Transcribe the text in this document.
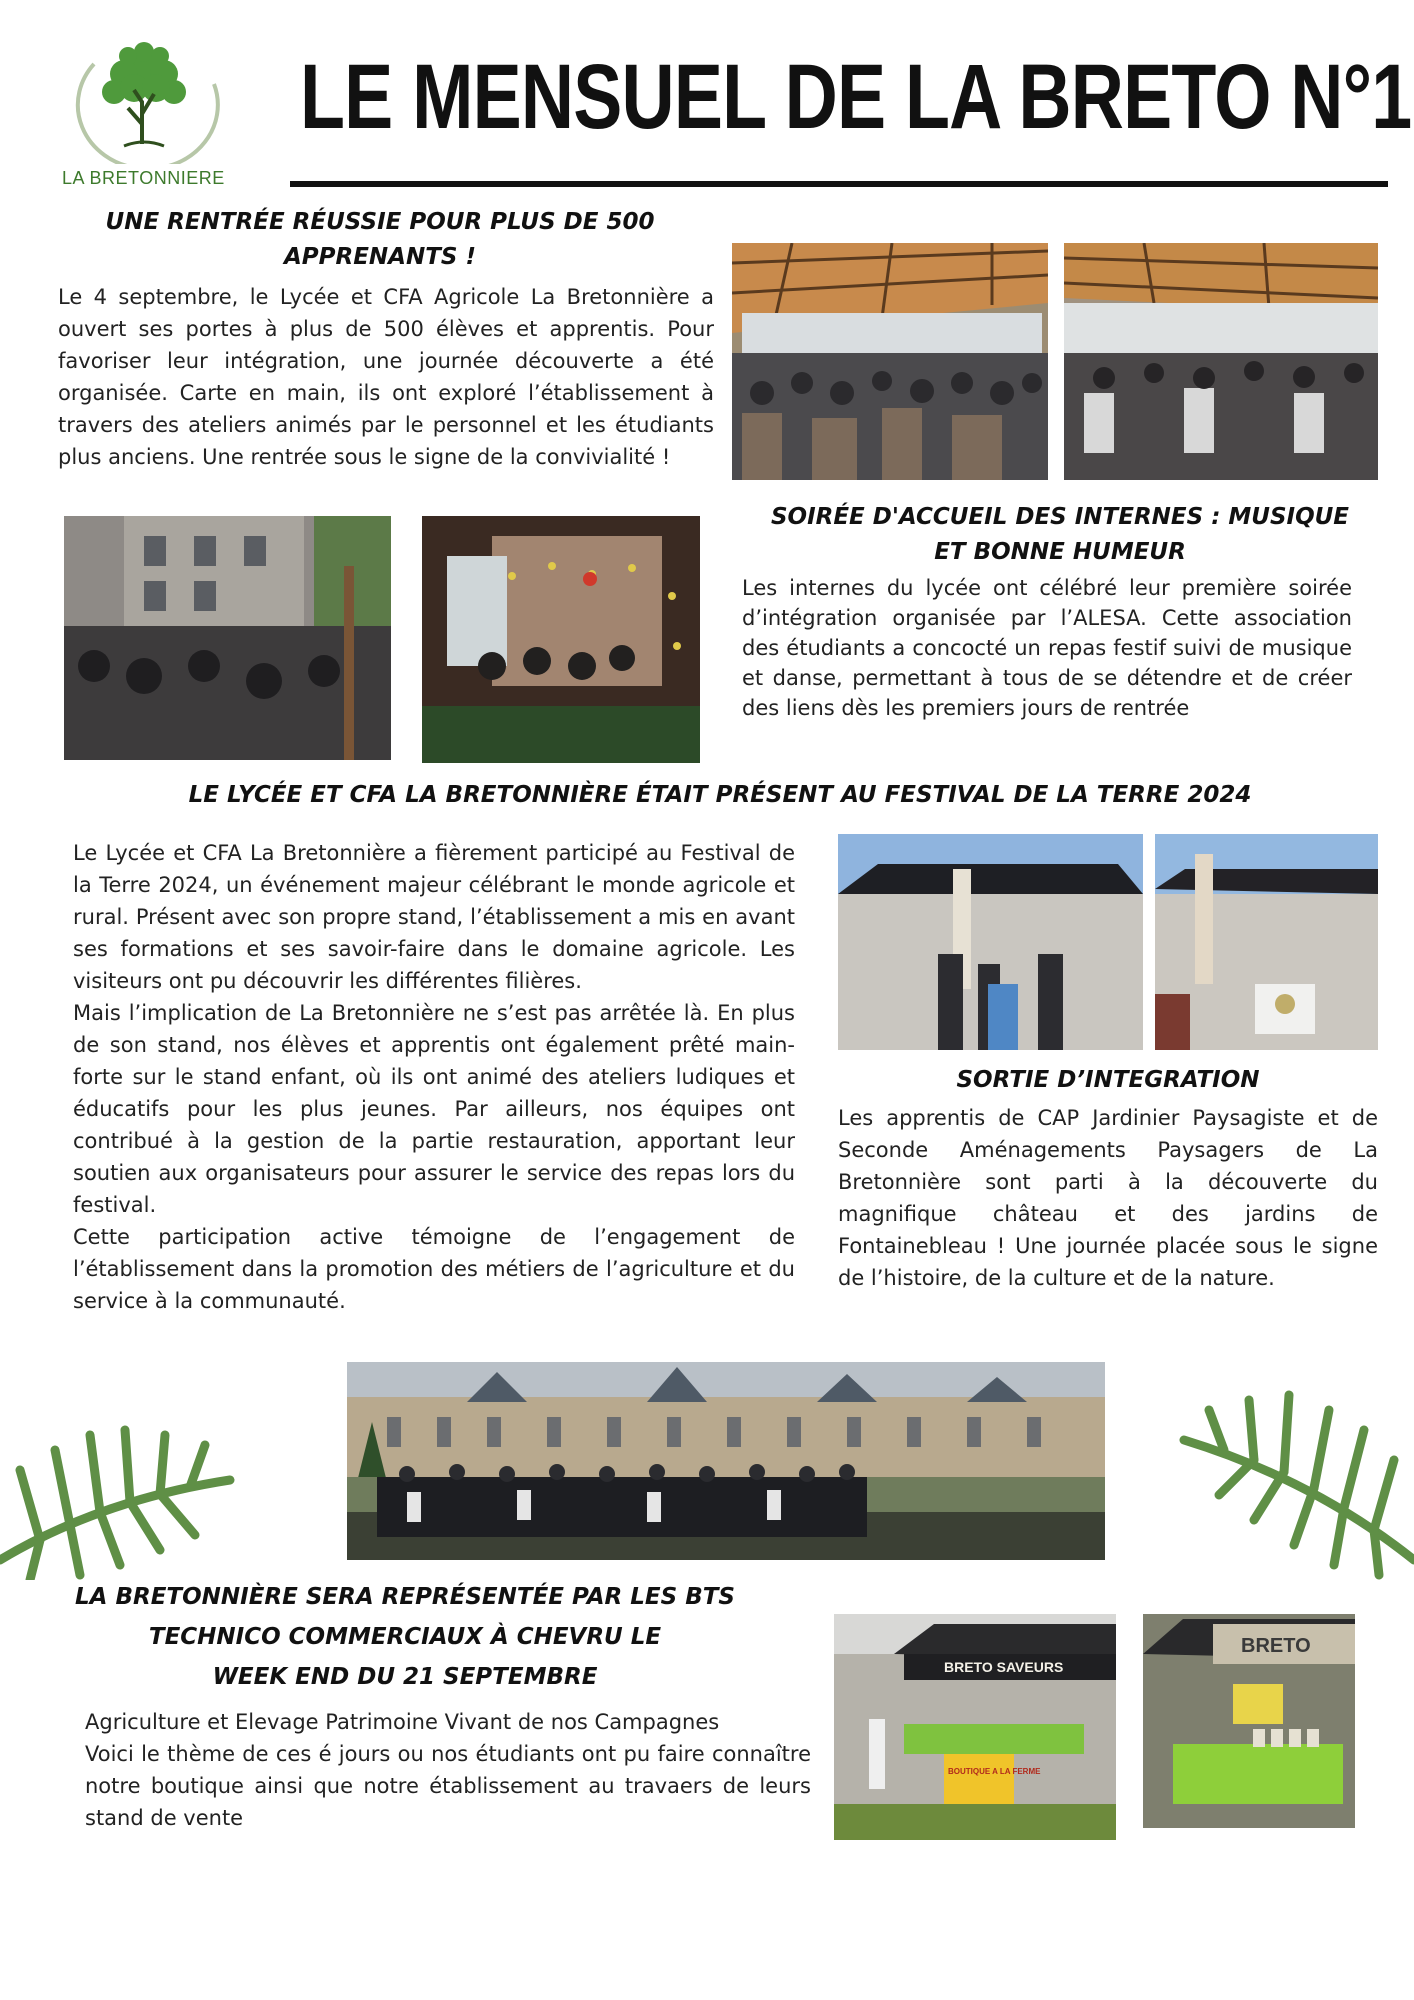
LA BRETONNIERE
LE MENSUEL DE LA BRETO N°1
UNE RENTRÉE RÉUSSIE POUR PLUS DE 500 APPRENANTS !
Le 4 septembre, le Lycée et CFA Agricole La Bretonnière a ouvert ses portes à plus de 500 élèves et apprentis. Pour favoriser leur intégration, une journée découverte a été organisée. Carte en main, ils ont exploré l’établissement à travers des ateliers animés par le personnel et les étudiants plus anciens. Une rentrée sous le signe de la convivialité !
SOIRÉE D'ACCUEIL DES INTERNES : MUSIQUE ET BONNE HUMEUR
Les internes du lycée ont célébré leur première soirée d’intégration organisée par l’ALESA. Cette association des étudiants a concocté un repas festif suivi de musique et danse, permettant à tous de se détendre et de créer des liens dès les premiers jours de rentrée
LE LYCÉE ET CFA LA BRETONNIÈRE ÉTAIT PRÉSENT AU FESTIVAL DE LA TERRE 2024
Le Lycée et CFA La Bretonnière a fièrement participé au Festival de la Terre 2024, un événement majeur célébrant le monde agricole et rural. Présent avec son propre stand, l’établissement a mis en avant ses formations et ses savoir-faire dans le domaine agricole. Les visiteurs ont pu découvrir les différentes filières.
Mais l’implication de La Bretonnière ne s’est pas arrêtée là. En plus de son stand, nos élèves et apprentis ont également prêté main-forte sur le stand enfant, où ils ont animé des ateliers ludiques et éducatifs pour les plus jeunes. Par ailleurs, nos équipes ont contribué à la gestion de la partie restauration, apportant leur soutien aux organisateurs pour assurer le service des repas lors du festival.
Cette participation active témoigne de l’engagement de l’établissement dans la promotion des métiers de l’agriculture et du service à la communauté.
SORTIE D’INTEGRATION
Les apprentis de CAP Jardinier Paysagiste et de Seconde Aménagements Paysagers de La Bretonnière sont parti à la découverte du magnifique château et des jardins de Fontainebleau ! Une journée placée sous le signe de l’histoire, de la culture et de la nature.
LA BRETONNIÈRE SERA REPRÉSENTÉE PAR LES BTS
TECHNICO COMMERCIAUX À CHEVRU LE
WEEK END DU 21 SEPTEMBRE
Agriculture et Elevage Patrimoine Vivant de nos Campagnes
Voici le thème de ces é jours ou nos étudiants ont pu faire connaître notre boutique ainsi que notre établissement au travaers de leurs stand de vente
BRETO SAVEURS
BOUTIQUE A LA FERME
BRETO
